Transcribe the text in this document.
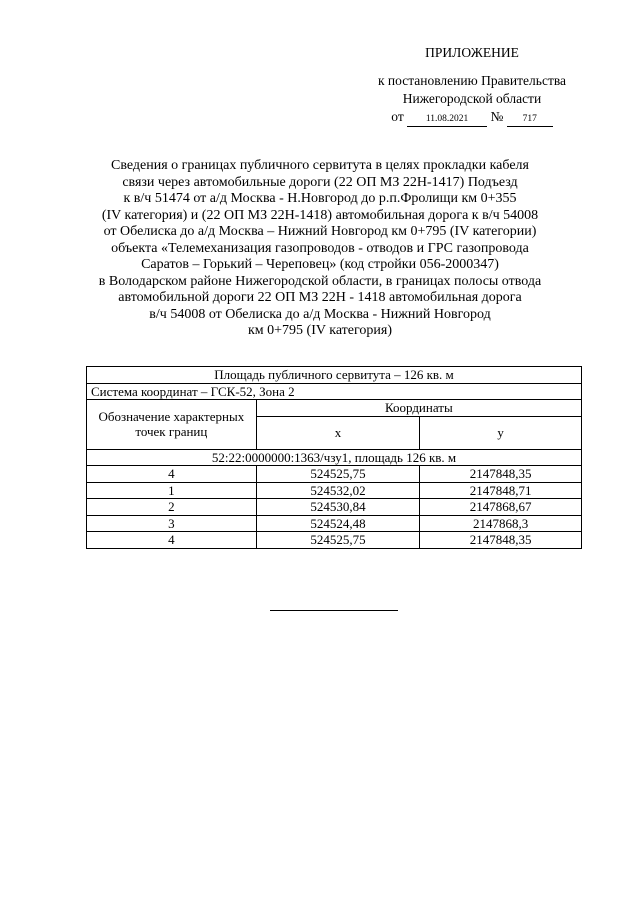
ПРИЛОЖЕНИЕ
к постановлению Правительства
Нижегородской области
от 11.08.2021 № 717
Сведения о границах публичного сервитута в целях прокладки кабеля
связи через автомобильные дороги (22 ОП МЗ 22Н-1417) Подъезд
к в/ч 51474 от а/д Москва - Н.Новгород до р.п.Фролищи км 0+355
(IV категория) и (22 ОП МЗ 22Н-1418) автомобильная дорога к в/ч 54008
от Обелиска до а/д Москва – Нижний Новгород км 0+795 (IV категории)
объекта «Телемеханизация газопроводов - отводов и ГРС газопровода
Саратов – Горький – Череповец» (код стройки 056-2000347)
в Володарском районе Нижегородской области, в границах полосы отвода
автомобильной дороги 22 ОП МЗ 22Н - 1418 автомобильная дорога
в/ч 54008 от Обелиска до а/д Москва - Нижний Новгород
км 0+795 (IV категория)
Площадь публичного сервитута – 126 кв. м		
Система координат – ГСК-52, Зона 2		
Обозначение характерных точек границ	Координаты	
	x	y
52:22:0000000:1363/чзу1, площадь 126 кв. м		
4	524525,75	2147848,35
1	524532,02	2147848,71
2	524530,84	2147868,67
3	524524,48	2147868,3
4	524525,75	2147848,35
